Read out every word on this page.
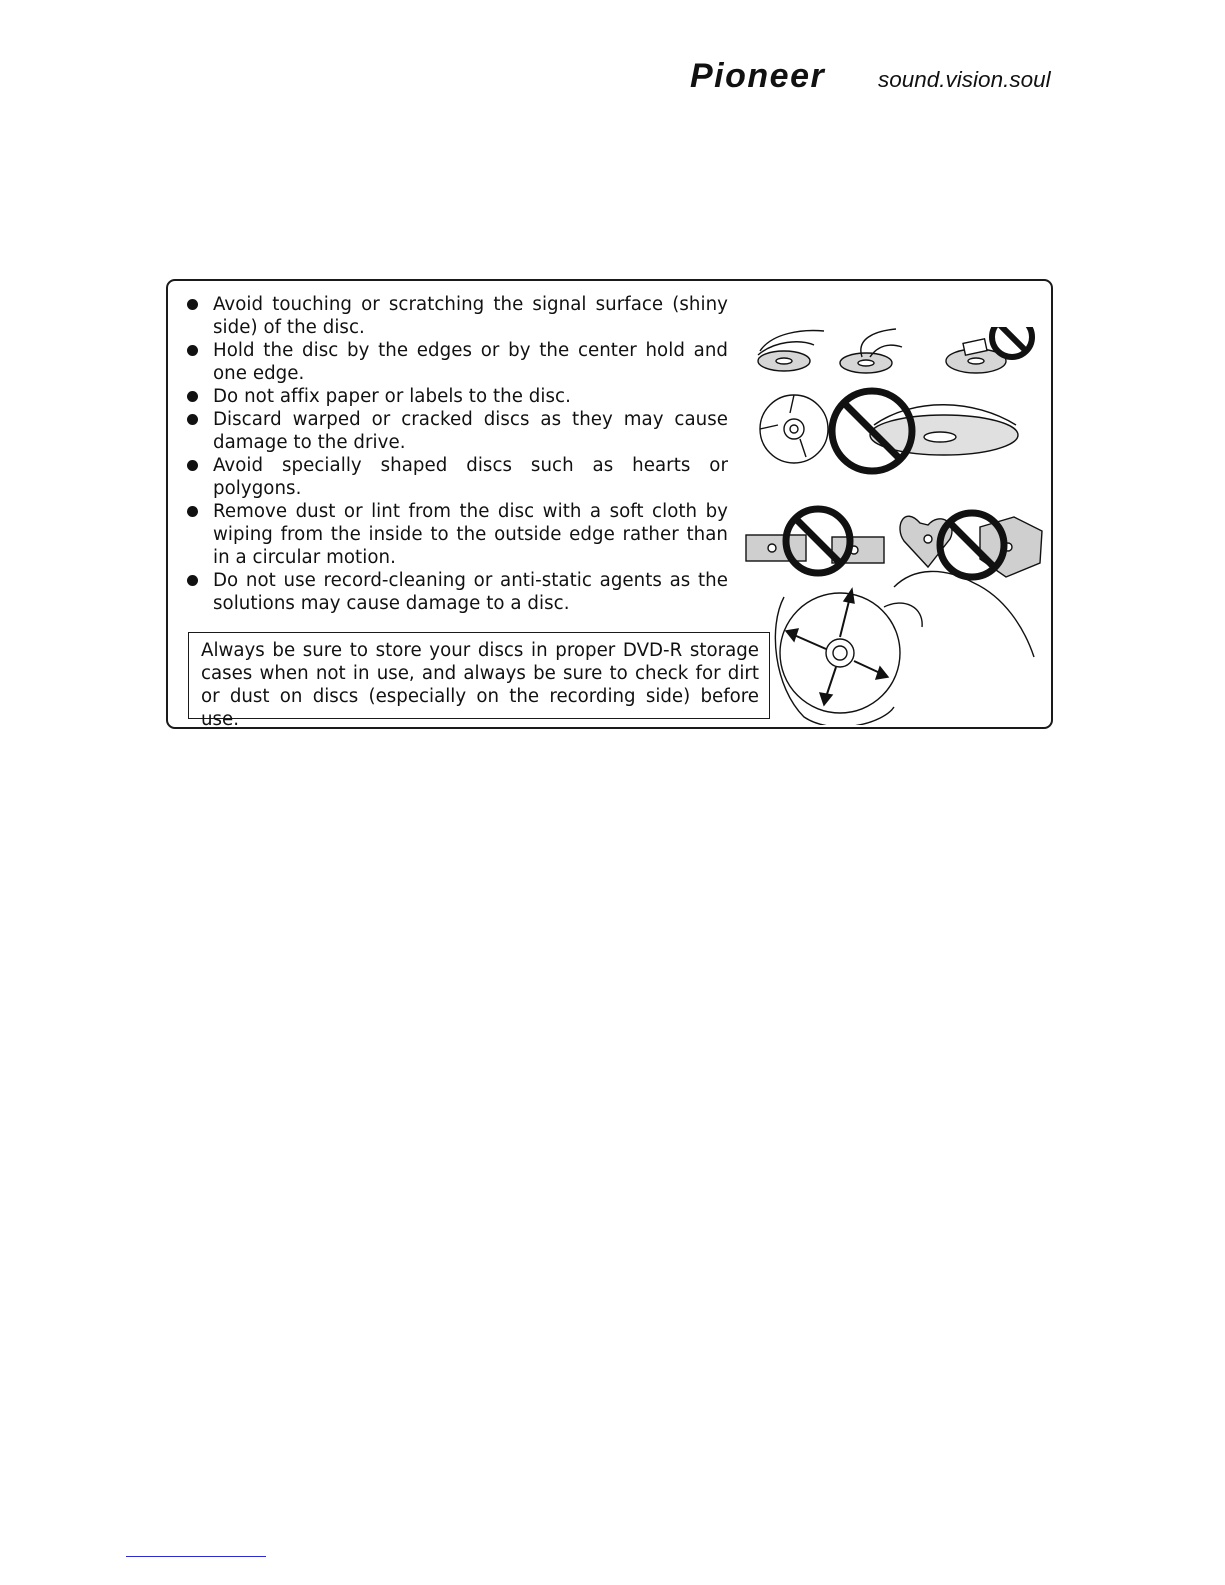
Pioneer sound.vision.soul
Avoid touching or scratching the signal surface (shiny side) of the disc.
Hold the disc by the edges or by the center hold and one edge.
Do not affix paper or labels to the disc.
Discard warped or cracked discs as they may cause damage to the drive.
Avoid specially shaped discs such as hearts or polygons.
Remove dust or lint from the disc with a soft cloth by wiping from the inside to the outside edge rather than in a circular motion.
Do not use record-cleaning or anti-static agents as the solutions may cause damage to a disc.
Always be sure to store your discs in proper DVD-R storage cases when not in use, and always be sure to check for dirt or dust on discs (especially on the recording side) before use.
